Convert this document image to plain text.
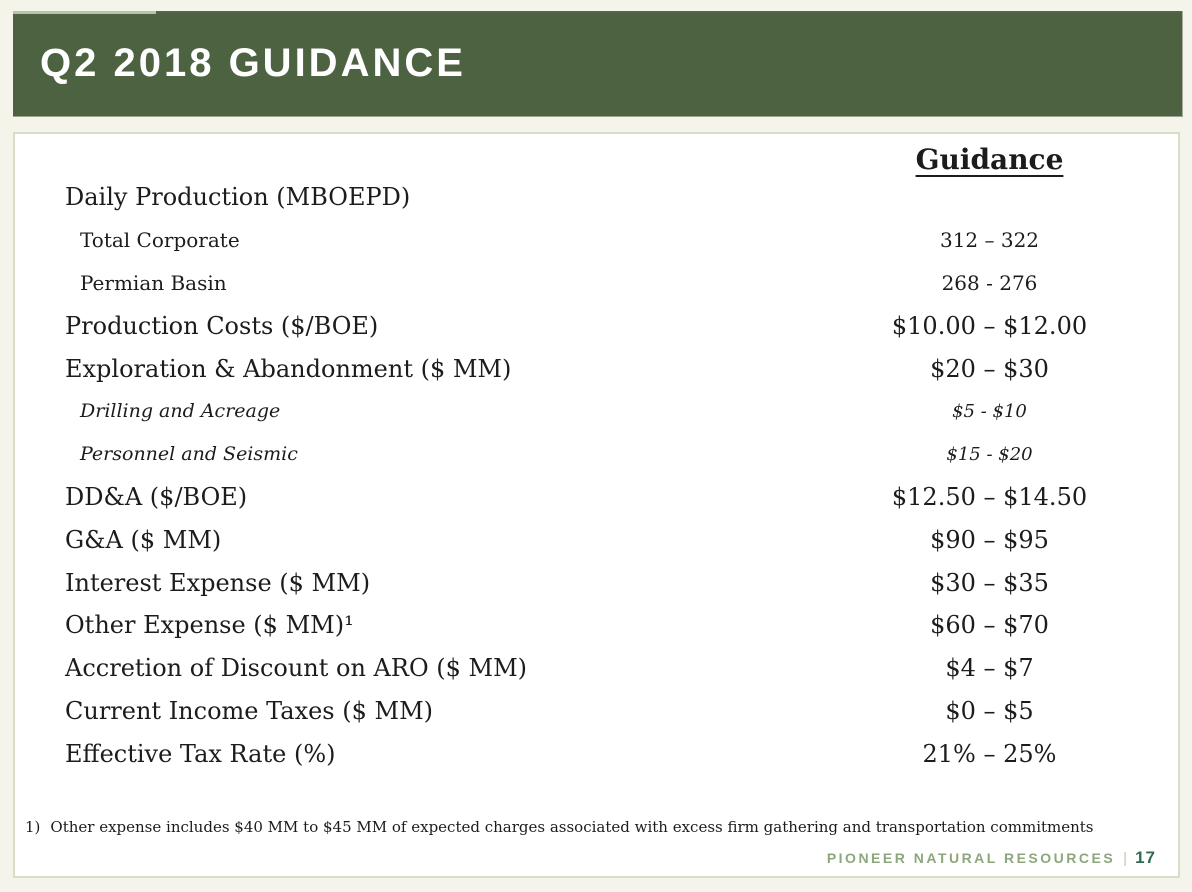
Q2 2018 GUIDANCE
Guidance
Daily Production (MBOEPD)
Total Corporate	312 – 322
Permian Basin	268 - 276
Production Costs ($/BOE)	$10.00 – $12.00
Exploration & Abandonment ($ MM)	$20 – $30
Drilling and Acreage	$5 - $10
Personnel and Seismic	$15 - $20
DD&A ($/BOE)	$12.50 – $14.50
G&A ($ MM)	$90 – $95
Interest Expense ($ MM)	$30 – $35
Other Expense ($ MM)¹	$60 – $70
Accretion of Discount on ARO ($ MM)	$4 – $7
Current Income Taxes ($ MM)	$0 – $5
Effective Tax Rate (%)	21% – 25%
1) Other expense includes $40 MM to $45 MM of expected charges associated with excess firm gathering and transportation commitments
PIONEER NATURAL RESOURCES | 17
